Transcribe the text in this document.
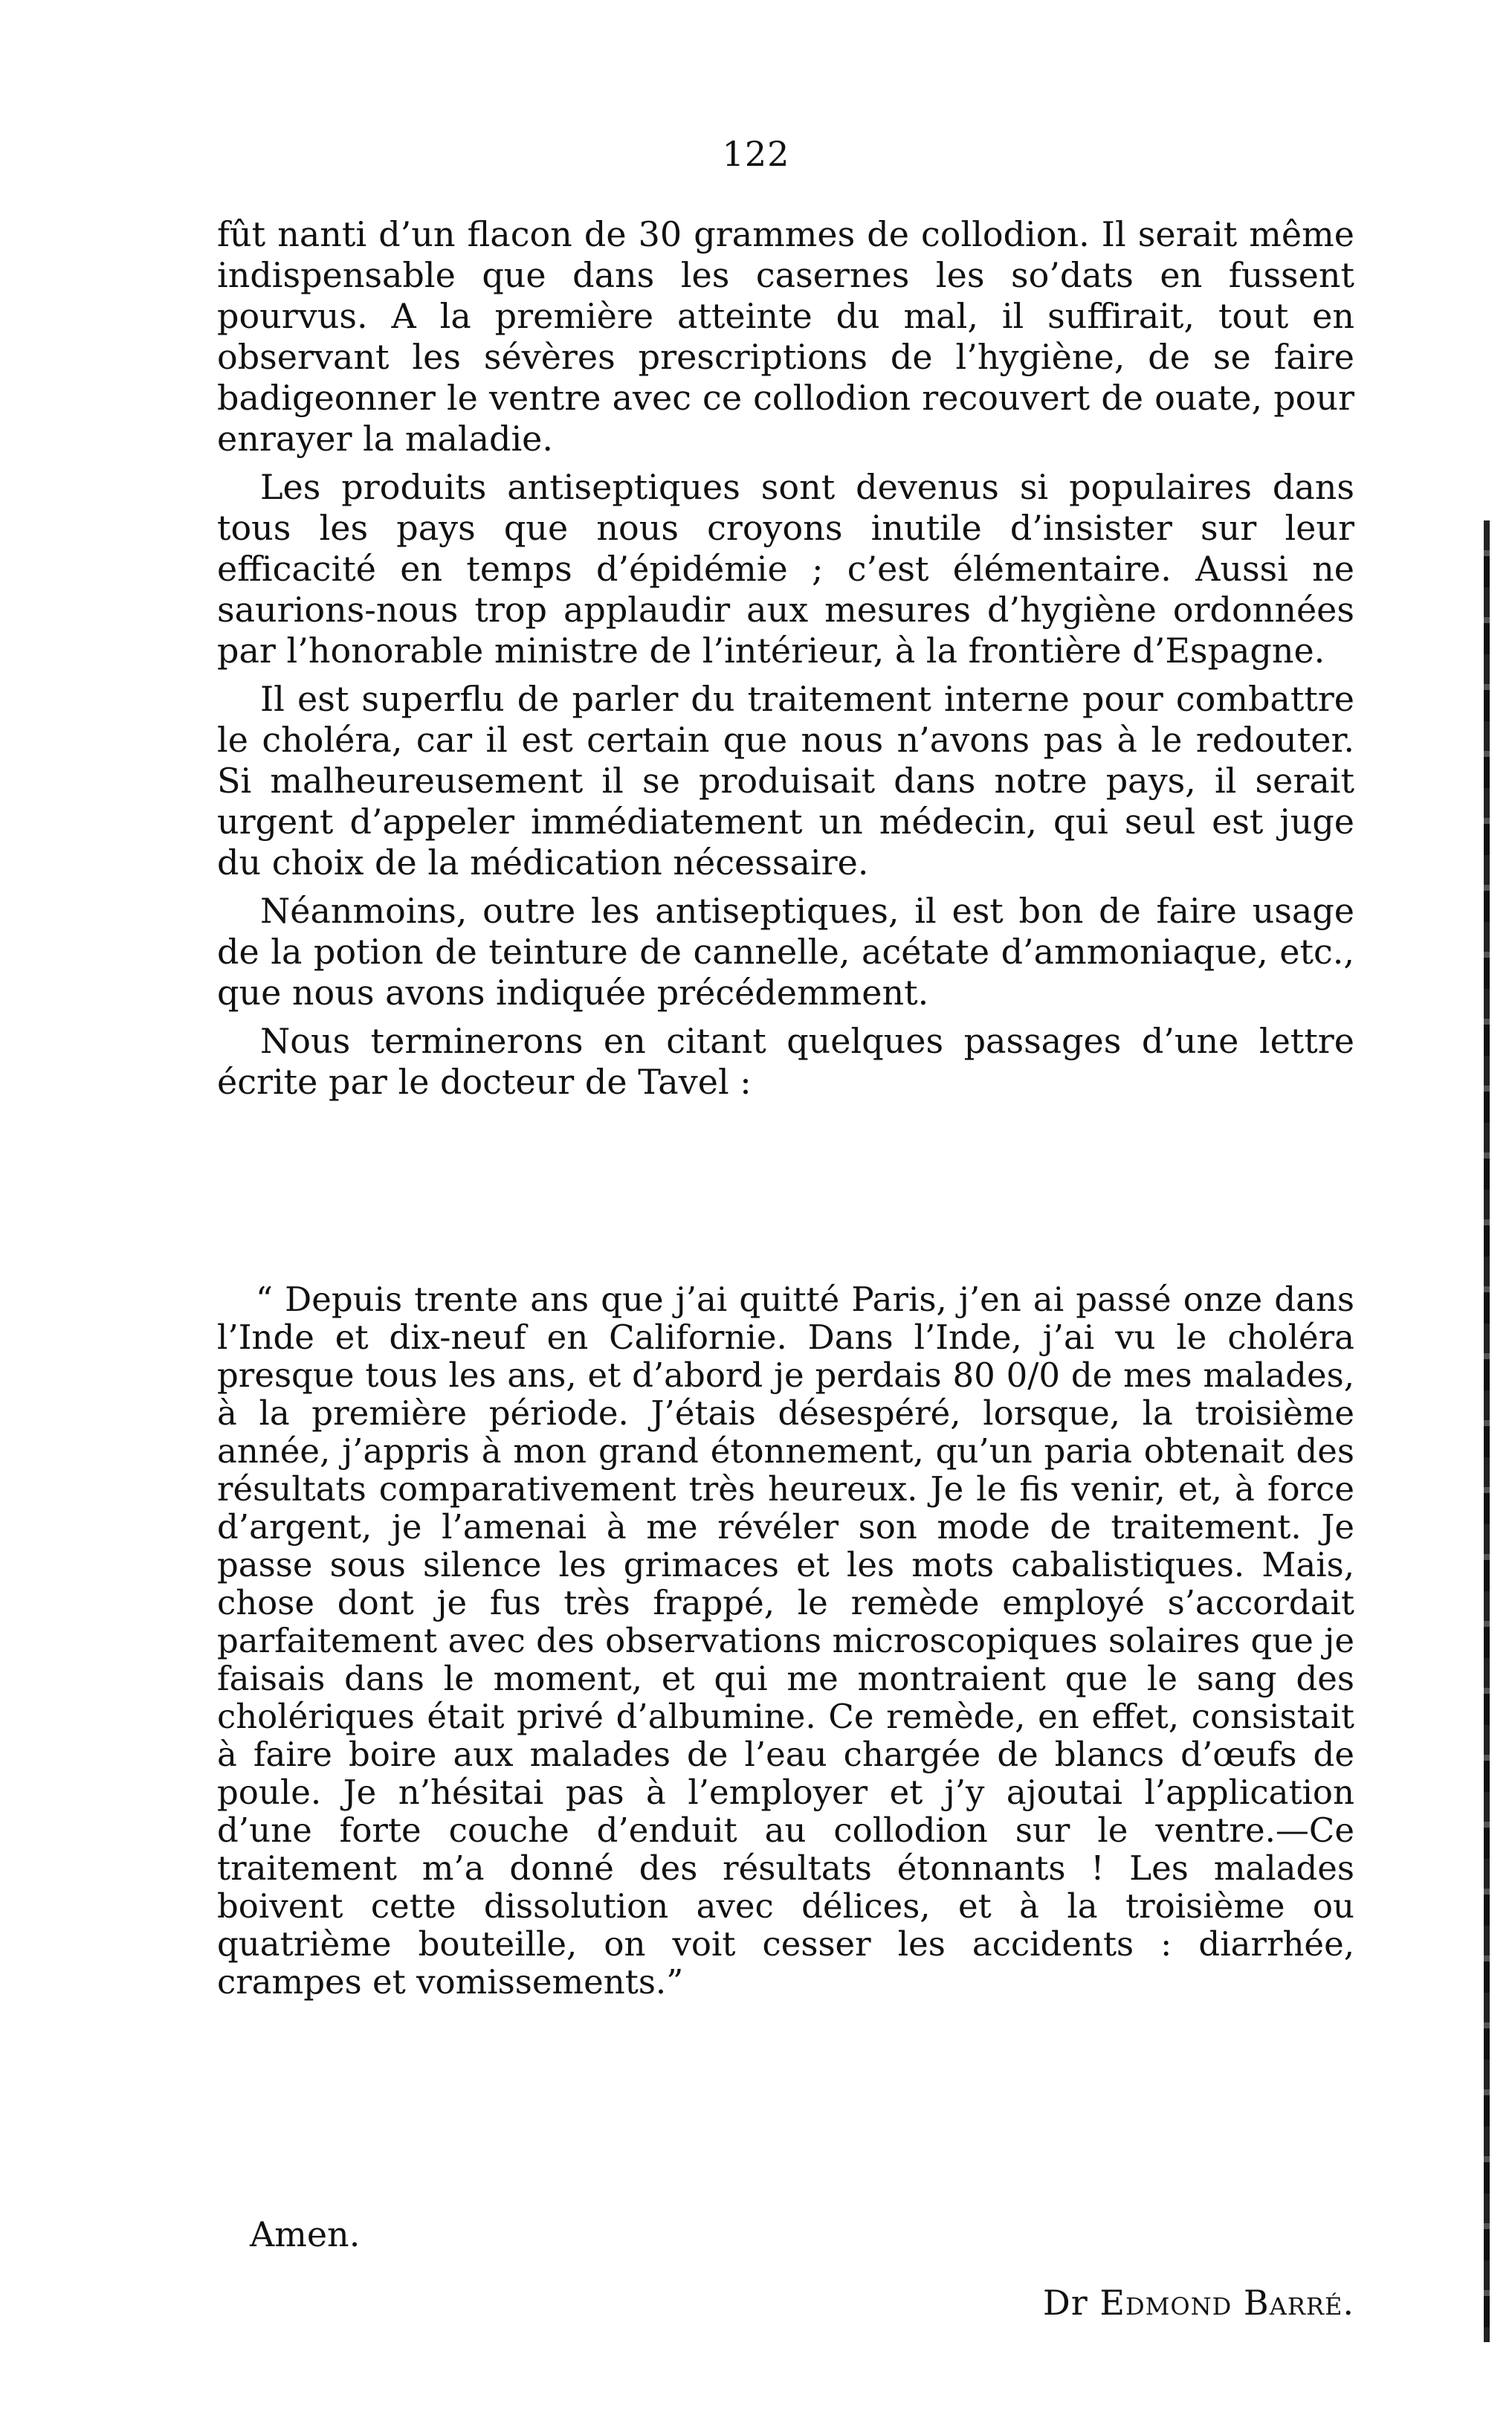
122

fût nanti d’un flacon de 30 grammes de collodion. Il serait même indispensable que dans les casernes les so’dats en fussent pourvus. A la première atteinte du mal, il suffirait, tout en observant les sévères prescriptions de l’hygiène, de se faire badigeonner le ventre avec ce collodion recouvert de ouate, pour enrayer la maladie.

Les produits antiseptiques sont devenus si populaires dans tous les pays que nous croyons inutile d’insister sur leur efficacité en temps d’épidémie ; c’est élémentaire. Aussi ne saurions-nous trop applaudir aux mesures d’hygiène ordonnées par l’honorable ministre de l’intérieur, à la frontière d’Espagne.

Il est superflu de parler du traitement interne pour combattre le choléra, car il est certain que nous n’avons pas à le redouter. Si malheureusement il se produisait dans notre pays, il serait urgent d’appeler immédiatement un médecin, qui seul est juge du choix de la médication nécessaire.

Néanmoins, outre les antiseptiques, il est bon de faire usage de la potion de teinture de cannelle, acétate d’ammoniaque, etc., que nous avons indiquée précédemment.

Nous terminerons en citant quelques passages d’une lettre écrite par le docteur de Tavel :

“ Depuis trente ans que j’ai quitté Paris, j’en ai passé onze dans l’Inde et dix-neuf en Californie. Dans l’Inde, j’ai vu le choléra presque tous les ans, et d’abord je perdais 80 0/0 de mes malades, à la première période. J’étais désespéré, lorsque, la troisième année, j’appris à mon grand étonnement, qu’un paria obtenait des résultats comparativement très heureux. Je le fis venir, et, à force d’argent, je l’amenai à me révéler son mode de traitement. Je passe sous silence les grimaces et les mots cabalistiques. Mais, chose dont je fus très frappé, le remède employé s’accordait parfaitement avec des observations microscopiques solaires que je faisais dans le moment, et qui me montraient que le sang des cholériques était privé d’albumine. Ce remède, en effet, consistait à faire boire aux malades de l’eau chargée de blancs d’œufs de poule. Je n’hésitai pas à l’employer et j’y ajoutai l’application d’une forte couche d’enduit au collodion sur le ventre.—Ce traitement m’a donné des résultats étonnants ! Les malades boivent cette dissolution avec délices, et à la troisième ou quatrième bouteille, on voit cesser les accidents : diarrhée, crampes et vomissements.”

Amen.
Dr Edmond Barré.
